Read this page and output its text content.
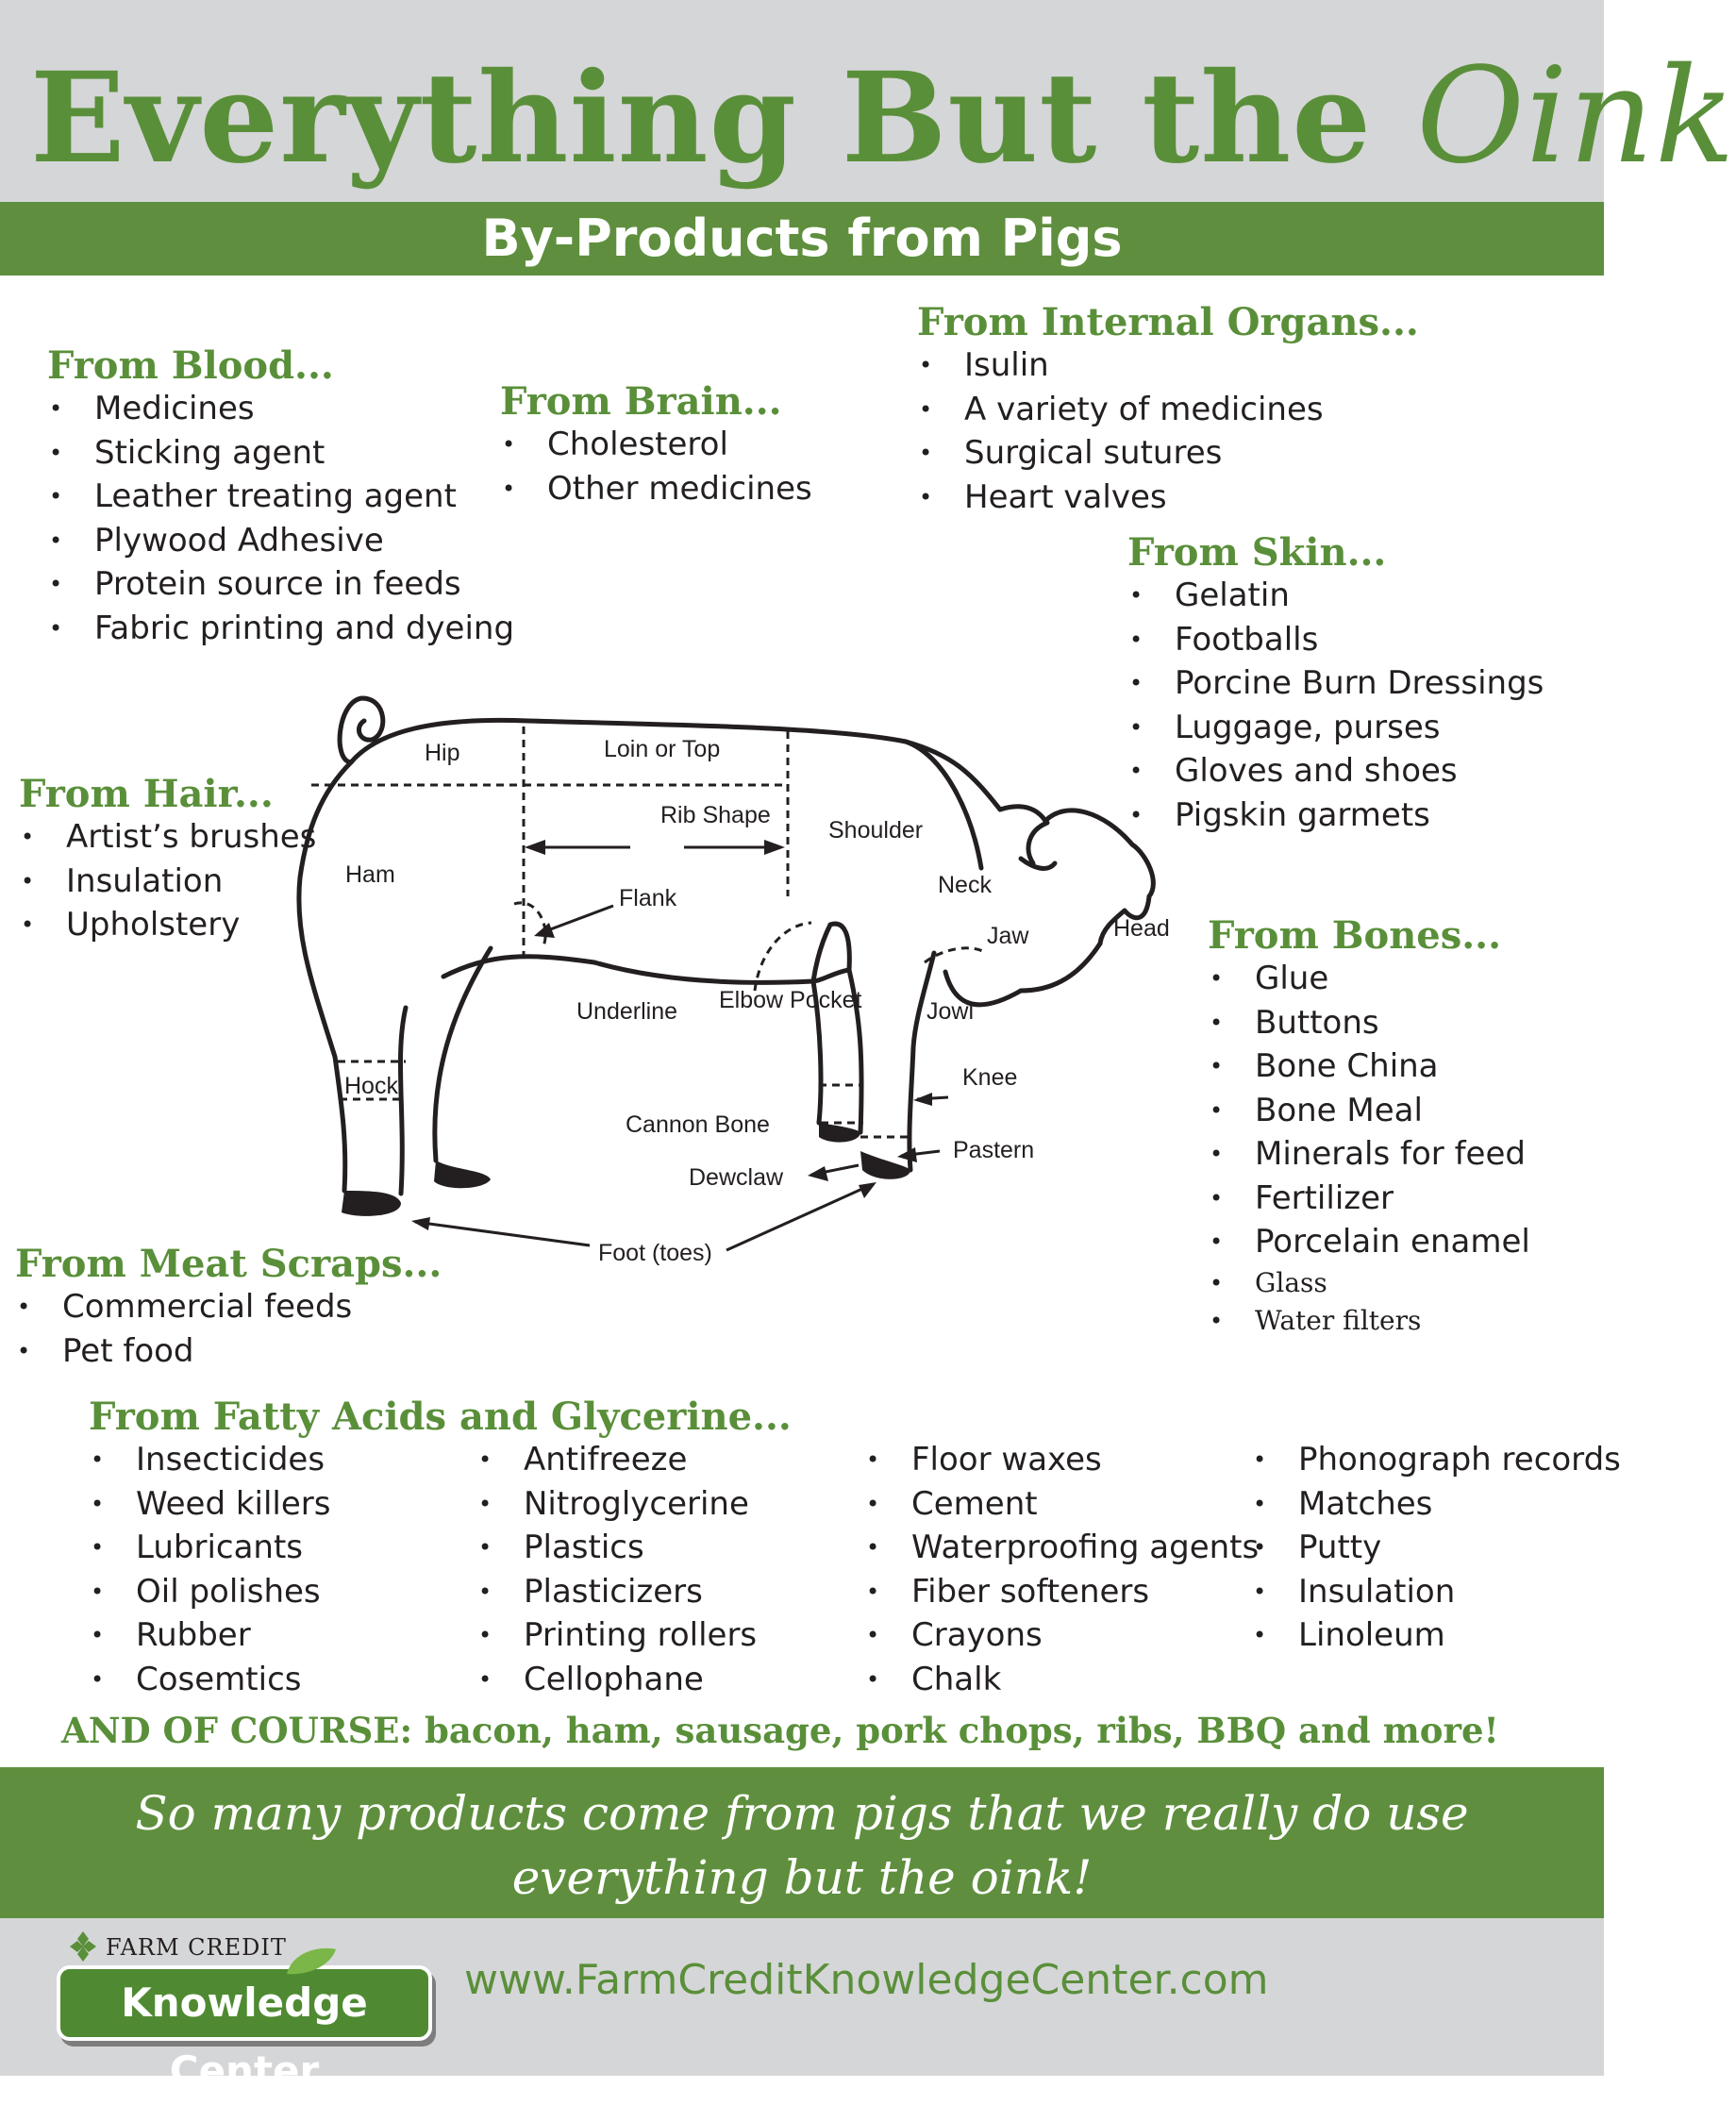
Everything But the Oink
By-Products from Pigs
Hip	Loin or Top
Rib Shape
Shoulder
Ham
Flank	Neck
Jaw	Head
Underline Elbow Pocket	Jowl
Hock	Knee
Cannon Bone
Pastern
Dewclaw
Foot (toes)
From Blood...
• Medicines
• Sticking agent
• Leather treating agent
• Plywood Adhesive
• Protein source in feeds
• Fabric printing and dyeing
From Brain...
• Cholesterol
• Other medicines
From Internal Organs...
• Isulin
• A variety of medicines
• Surgical sutures
• Heart valves
From Skin...
• Gelatin
• Footballs
• Porcine Burn Dressings
• Luggage, purses
• Gloves and shoes
• Pigskin garmets
From Hair...
• Artist’s brushes
• Insulation
• Upholstery	From Bones...
• Glue
• Buttons
• Bone China
• Bone Meal
• Minerals for feed
• Fertilizer
• Porcelain enamel
• Glass
• Water filters
From Meat Scraps...
• Commercial feeds
• Pet food
From Fatty Acids and Glycerine...
• Insecticides
• Weed killers
• Lubricants
• Oil polishes
• Rubber
• Cosemtics
• Antifreeze
• Nitroglycerine
• Plastics
• Plasticizers
• Printing rollers
• Cellophane
• Floor waxes
• Cement
• Waterproofing agents
• Fiber softeners
• Crayons
• Chalk
• Phonograph records
• Matches
• Putty
• Insulation
• Linoleum
AND OF COURSE: bacon, ham, sausage, pork chops, ribs, BBQ and more!
So many products come from pigs that we really do use
everything but the oink!
FARM CREDIT
Knowledge Center
www.FarmCreditKnowledgeCenter.com
